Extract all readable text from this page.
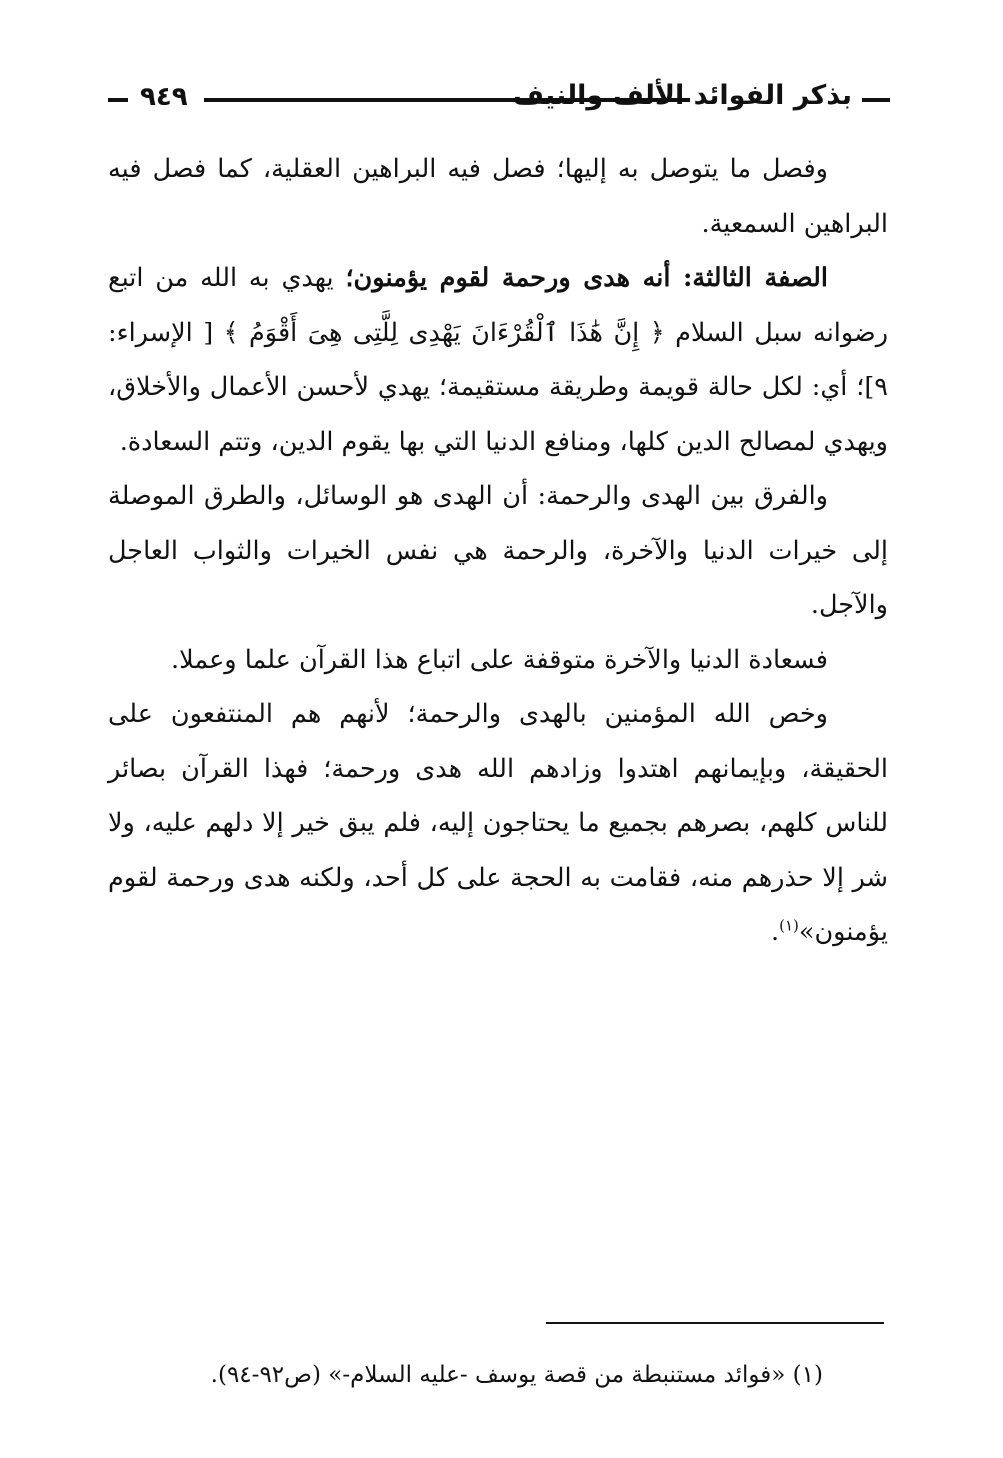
٩٤٩	بذكر الفوائد الألف والنيف

وفصل ما يتوصل به إليها؛ فصل فيه البراهين العقلية، كما فصل فيه البراهين السمعية.

الصفة الثالثة: أنه هدى ورحمة لقوم يؤمنون؛ يهدي به الله من اتبع رضوانه سبل السلام ﴿ إِنَّ هَٰذَا ٱلْقُرْءَانَ يَهْدِى لِلَّتِى هِىَ أَقْوَمُ ﴾ [ الإسراء: ٩]؛ أي: لكل حالة قويمة وطريقة مستقيمة؛ يهدي لأحسن الأعمال والأخلاق، ويهدي لمصالح الدين كلها، ومنافع الدنيا التي بها يقوم الدين، وتتم السعادة.

والفرق بين الهدى والرحمة: أن الهدى هو الوسائل، والطرق الموصلة إلى خيرات الدنيا والآخرة، والرحمة هي نفس الخيرات والثواب العاجل والآجل.

فسعادة الدنيا والآخرة متوقفة على اتباع هذا القرآن علما وعملا.

وخص الله المؤمنين بالهدى والرحمة؛ لأنهم هم المنتفعون على الحقيقة، وبإيمانهم اهتدوا وزادهم الله هدى ورحمة؛ فهذا القرآن بصائر للناس كلهم، بصرهم بجميع ما يحتاجون إليه، فلم يبق خير إلا دلهم عليه، ولا شر إلا حذرهم منه، فقامت به الحجة على كل أحد، ولكنه هدى ورحمة لقوم يؤمنون»$^{(١)}$.

(١) «فوائد مستنبطة من قصة يوسف -عليه السلام-» (ص٩٢-٩٤).
